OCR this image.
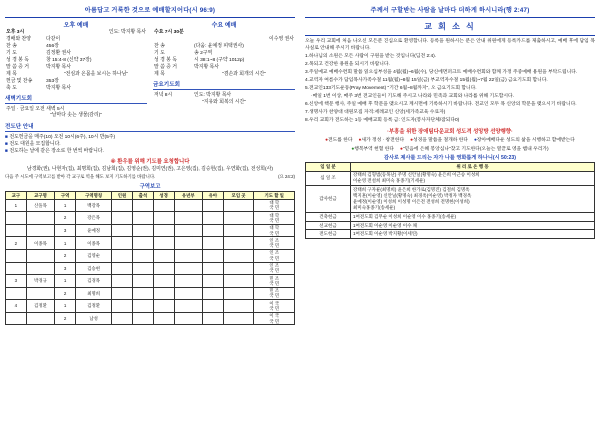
아름답고 거룩한 것으로 예배할지어다(시 96:9)
오후 예배
오후 3시	인도: 박지황 목사
경배와 찬양	다같이
찬 송	456장
기 도	김정환 권사
성 경 봉 독	창 15:4-8 (신약 37장)
말 씀 증 거	박지황 목사
제 목	"전심과 온몸을 보시는 하나님"
헌금 및 찬송	353장
축 도	박지황 목사
새벽기도회
주일 · 금요일 오전 새벽 5시
"날마다 솟는 생물(감리)"
수요 예배
수요 7시 30분	
	이수영 권사
찬 송	(다움: 윤예정 피택권사)
기 도	송 2구역
성 경 봉 독	시 38:1~8 (구약 1012p)
말 씀 증 거	박지황 목사
제 목	"겸손과 회개의 시간"
금요기도회
저녁 8시	인도: 박지황 목사
"지유와 회복의 시간"
전도단 안내
■ 전도헌금을 매주(10) 오전 10시(6주), 10시 반(5주)
■ 전도 대원을 모집합니다.
■ 전도하는 날에 같은 장소로 한 번씩 바랍니다.
※ 환우를 위해 기도를 요청합니다
남경화(권), 나현자(집), 최명희(집), 김남희(집), 김영순(권), 김미연(권), 고은영(집), 김승현(집), 우연화(집), 전성희(사)
다음 주 시도에 구역보고를 받아 각 교구로 역을 해도 보지 기도하기를 바랍니다.	(요 24:2)
구역보고
교구	교구명	구역	구역명칭	인원	출석	성경	유년부	유아	모임 곳	기도 할 일
1	산돌목	1	백강목							대 학
국 민
		2	강은목							대 학
국 민
		3	윤예정							대 학
국 민
2	이종목	1	이종목							인 조
국 민
		2	김영순							인 조
국 민
		3	김승현							인 조
국 민
3	박경규	1	김경목							민 조
국 민
		2	최명희							민 조
국 민
4	김정환	1	김정환							이 국
국 민
		2	남성							이 국
국 민
주께서 구할받는 사람을 날마다 더하게 하시니라(행 2:47)
교 회 소 식
오늘 우리 교회에 처음 나오신 모든분 진심으로 환영합니다. 등록을 원하시는 분은 안내 위원에게 등록카드를 제출하시고, 예배 후에 담임 목사실로 안내해 주시기 바랍니다.
1.하나님의 소원은 모든 사람이 구원을 받는 것입니다(딤전 2:4).
2.목되고 건강한 용원을 되시기 바랍니다.
3.주일예교 예배수련회 말씀 읽으심부성을 4월(월)~6월(수), 당신에면퍼크트 예배수련회와 함께 가정 주중예배 용원을 부탁드립니다.
4.교역자 여름수가 담임목사가족수절 11월(월)~8월 15일(금) 부교역자수절 15월(월)~7월 22일(금) 금요기도회 합니다.
5.전교인133기도운동(Pray Movement) "기간 6월~8월까지", 오 금요기도회 합니다.
·매일 1번 이상, 매주 3번 전교인들이 기도해 주시고 나라와 민족과 교회와 나라를 위해 기도합시다.
6.신앙에 핵문 행사, 주일 예배 후 학문을 맺으시고 계시면에 기록하시기 바랍니다. 전교인 모두 목 신앙의 학문을 맺으시기 바랍니다.
7.생명사가 찬양대 대원모집 자격:세례교인 신앙(세가족교육 수료자)
8.우리 교회가 전도하는 1등 예배교회 등록 금: 인도자(봉사자단체/잠되다0)
·부흥을 위한 장애팀다운교회 성도격 성앙방 선양행향·
●전도를 한다 ●새가 정성 · 창전한다 ●성경을 말씀을 절개하 한다 ●장아예배다운 성도의 삶을 시행하고 할애받는다
●행복부역 헌혈 한다 ●"믿음에 은혜 봉앙심나"찾고 기도한다(오늘는 열끝로 영을 햄내 우리가)
감사로 제사를 드리는 자가 나를 영화롭게 하나니(시 50:23)
임 일 분	위 리 로 온 행 동
십 일 조	강태희 김형범(등목난) 주명 신안닐(황명숙) 윤은희 이근승 이성희
이순영 전설희 최미숙 홍종기(기세운)
감사헌금	강태희 구자륜(최명희) 윤은희 한가로(김명진) 김철희 김명옥
백지훈(이순영) 신안닐(황명숙) 최경옥(이순영) 박정자 백경옥
윤예정(이순영) 이성희 이성명 이은전 전성희 전명현(이성희)
최미숙홍종기(송세운)
건축헌금	1여전도회 김무순 이성희 이순영 이수 홍종기(송세운)
선교헌금	1여전도회 이순영 이순영 이수 채
전도헌금	1여전도회 이순영 박지황(이세연)
